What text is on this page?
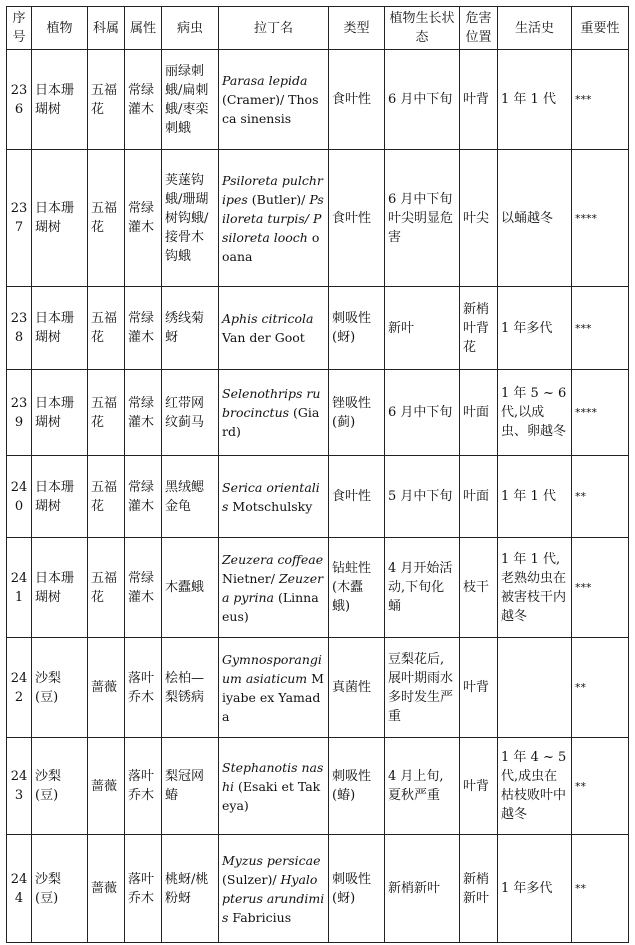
序号	植物	科属	属性	病虫	拉丁名	类型	植物生长状态	危害位置	生活史	重要性
236	日本珊瑚树	五福花	常绿灌木	丽绿刺蛾/扁刺蛾/枣栾刺蛾	Parasa lepida (Cramer)/ Thosca sinensis	食叶性	6 月中下旬	叶背	1 年 1 代	***
237	日本珊瑚树	五福花	常绿灌木	荚蒾钩蛾/珊瑚树钩蛾/接骨木钩蛾	Psiloreta pulchripes (Butler)/ Psiloreta turpis/ Psiloreta looch ooana	食叶性	6 月中下旬叶尖明显危害	叶尖	以蛹越冬	****
238	日本珊瑚树	五福花	常绿灌木	绣线菊蚜	Aphis citricola Van der Goot	刺吸性(蚜)	新叶	新梢叶背花	1 年多代	***
239	日本珊瑚树	五福花	常绿灌木	红带网纹蓟马	Selenothrips rubrocinctus (Giard)	锉吸性(蓟)	6 月中下旬	叶面	1 年 5 ~ 6 代,以成虫、卵越冬	****
240	日本珊瑚树	五福花	常绿灌木	黑绒鳃金龟	Serica orientalis Motschulsky	食叶性	5 月中下旬	叶面	1 年 1 代	**
241	日本珊瑚树	五福花	常绿灌木	木蠹蛾	Zeuzera coffeae Nietner/ Zeuzera pyrina (Linnaeus)	钻蛀性(木蠹蛾)	4 月开始活动,下旬化蛹	枝干	1 年 1 代,老熟幼虫在被害枝干内越冬	***
242	沙梨(豆)	蔷薇	落叶乔木	桧柏—梨锈病	Gymnosporangium asiaticum Miyabe ex Yamada	真菌性	豆梨花后,展叶期雨水多时发生严重	叶背		**
243	沙梨(豆)	蔷薇	落叶乔木	梨冠网蝽	Stephanotis nashi (Esaki et Takeya)	刺吸性(蝽)	4 月上旬,夏秋严重	叶背	1 年 4 ~ 5 代,成虫在枯枝败叶中越冬	**
244	沙梨(豆)	蔷薇	落叶乔木	桃蚜/桃粉蚜	Myzus persicae (Sulzer)/ Hyalopterus arundimis Fabricius	刺吸性(蚜)	新梢新叶	新梢新叶	1 年多代	**
